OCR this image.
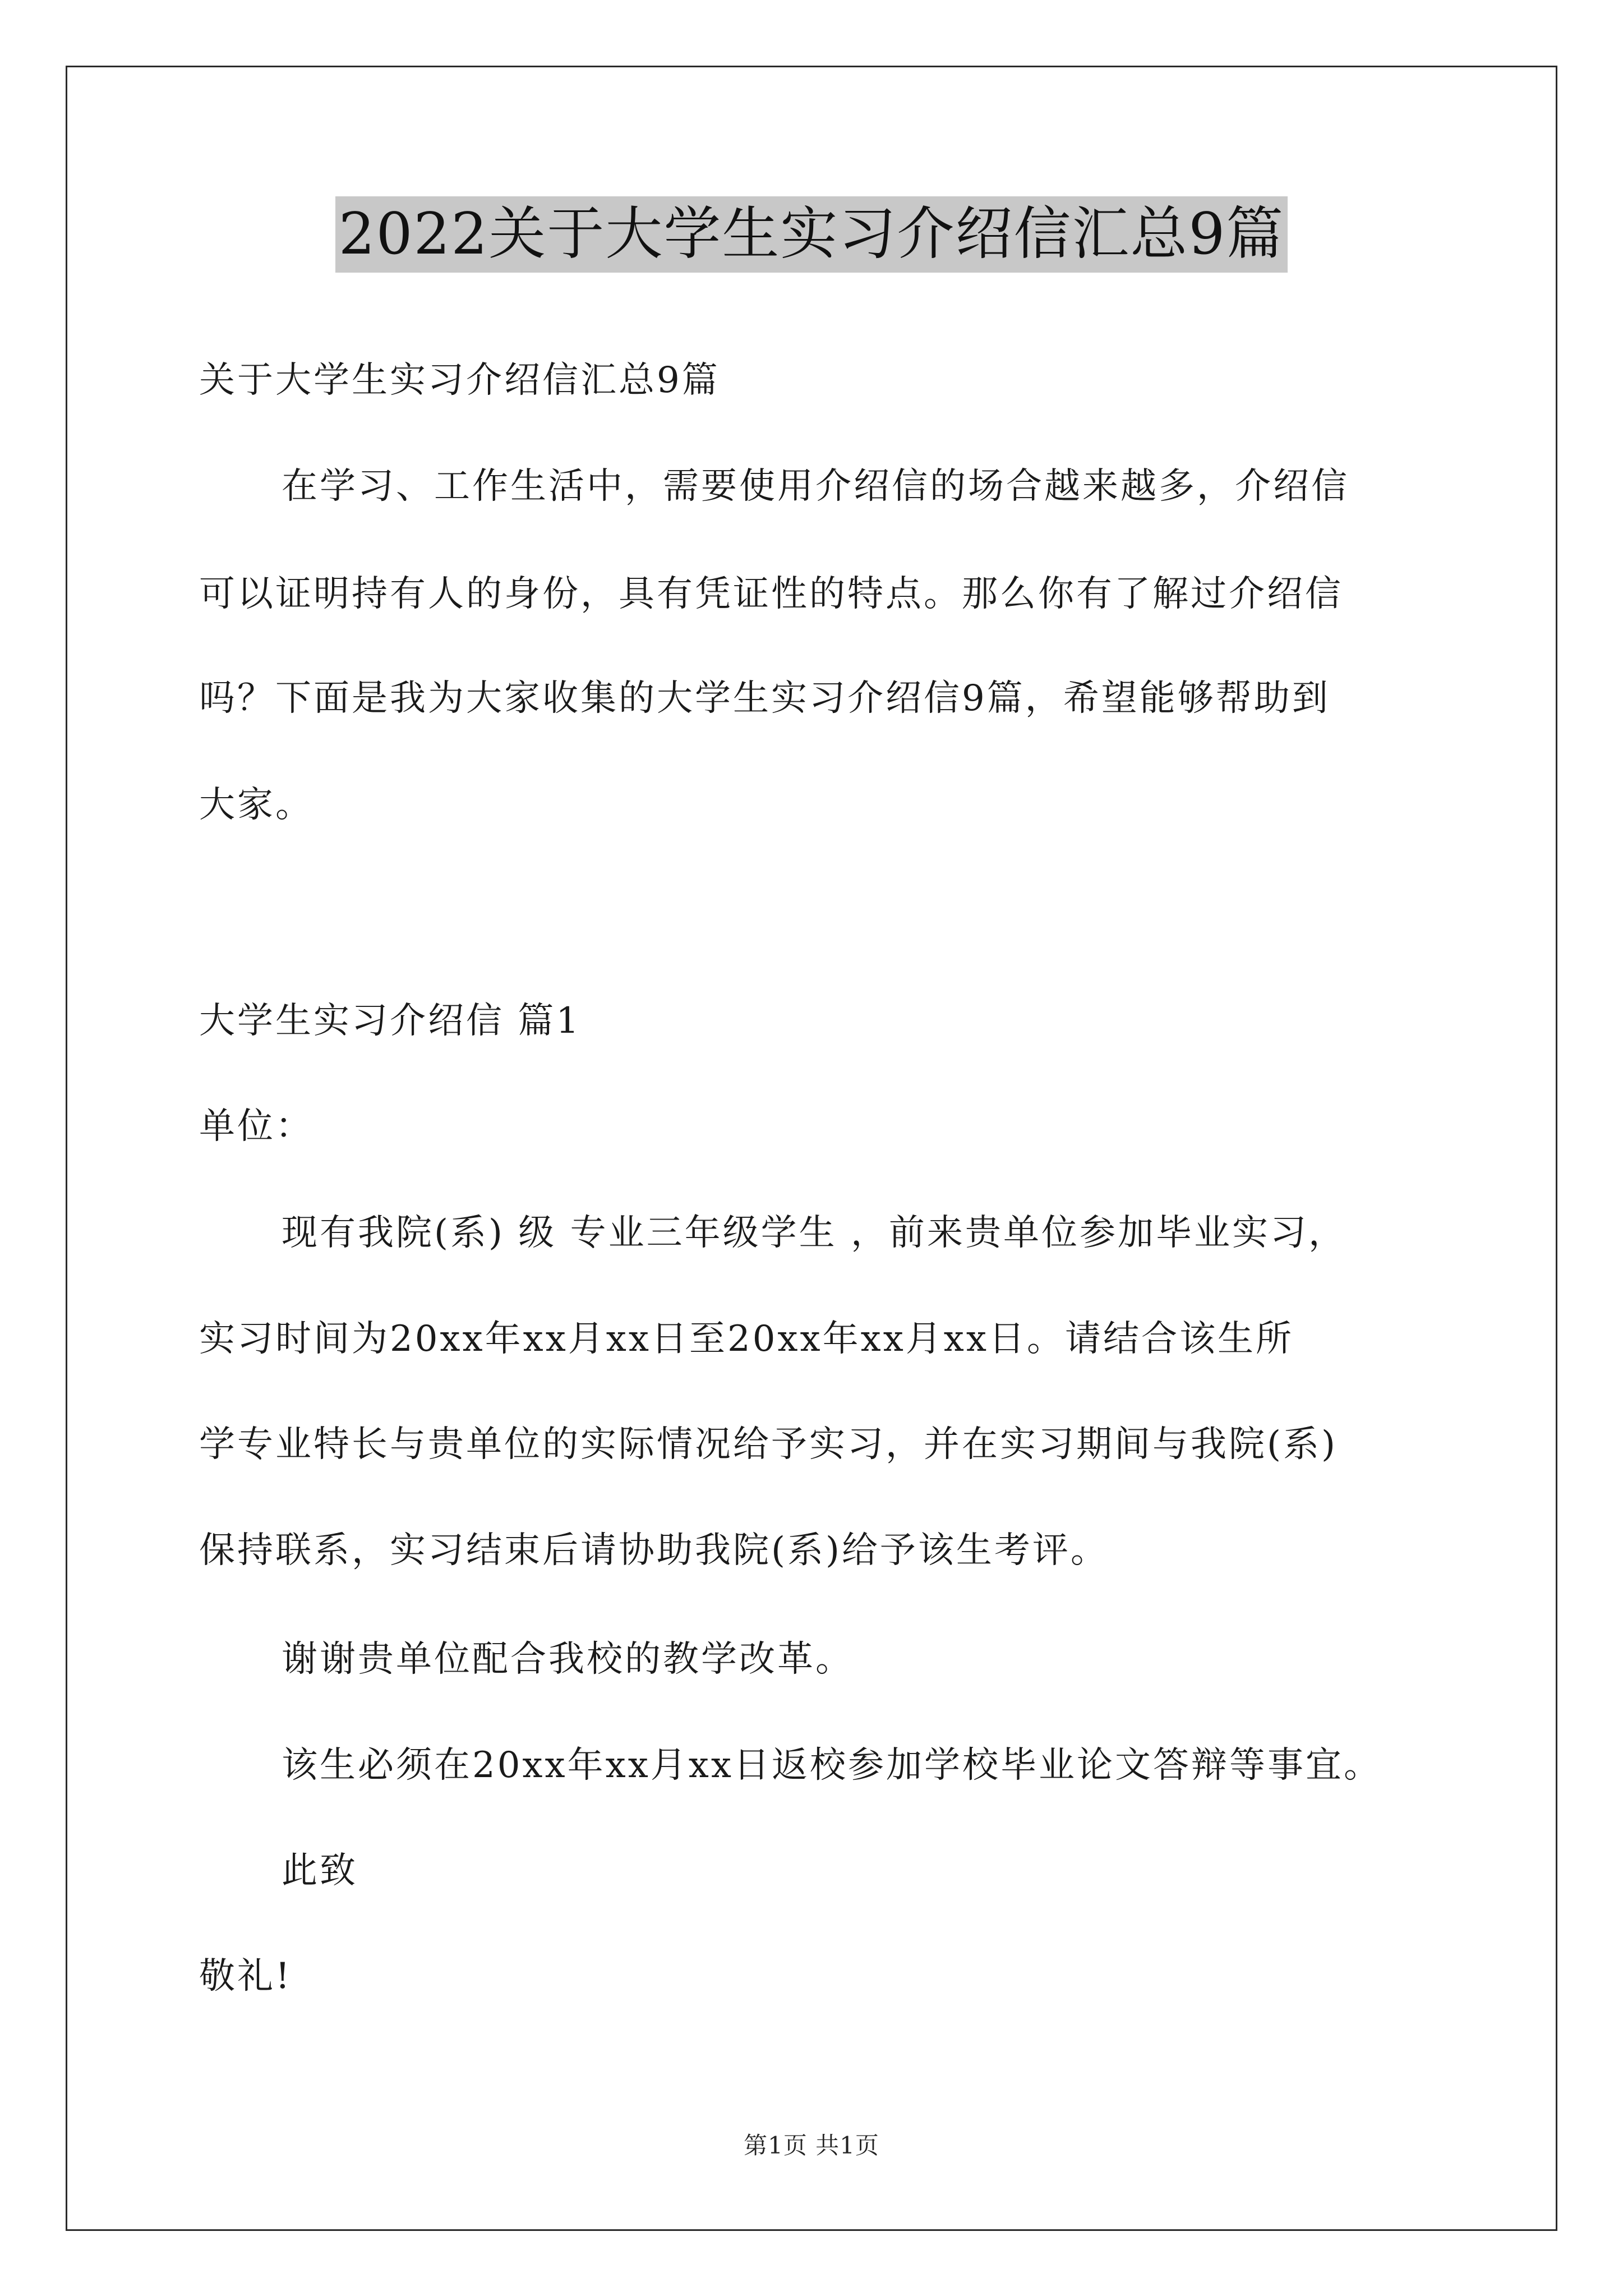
2022关于大学生实习介绍信汇总9篇
关于大学生实习介绍信汇总9篇
在学习、工作生活中，需要使用介绍信的场合越来越多，介绍信
可以证明持有人的身份，具有凭证性的特点。那么你有了解过介绍信
吗？下面是我为大家收集的大学生实习介绍信9篇，希望能够帮助到
大家。
大学生实习介绍信 篇1
单位：
现有我院(系) 级 专业三年级学生 ，前来贵单位参加毕业实习，
实习时间为20xx年xx月xx日至20xx年xx月xx日。请结合该生所
学专业特长与贵单位的实际情况给予实习，并在实习期间与我院(系)
保持联系，实习结束后请协助我院(系)给予该生考评。
谢谢贵单位配合我校的教学改革。
该生必须在20xx年xx月xx日返校参加学校毕业论文答辩等事宜。
此致
敬礼!
第1页 共1页
